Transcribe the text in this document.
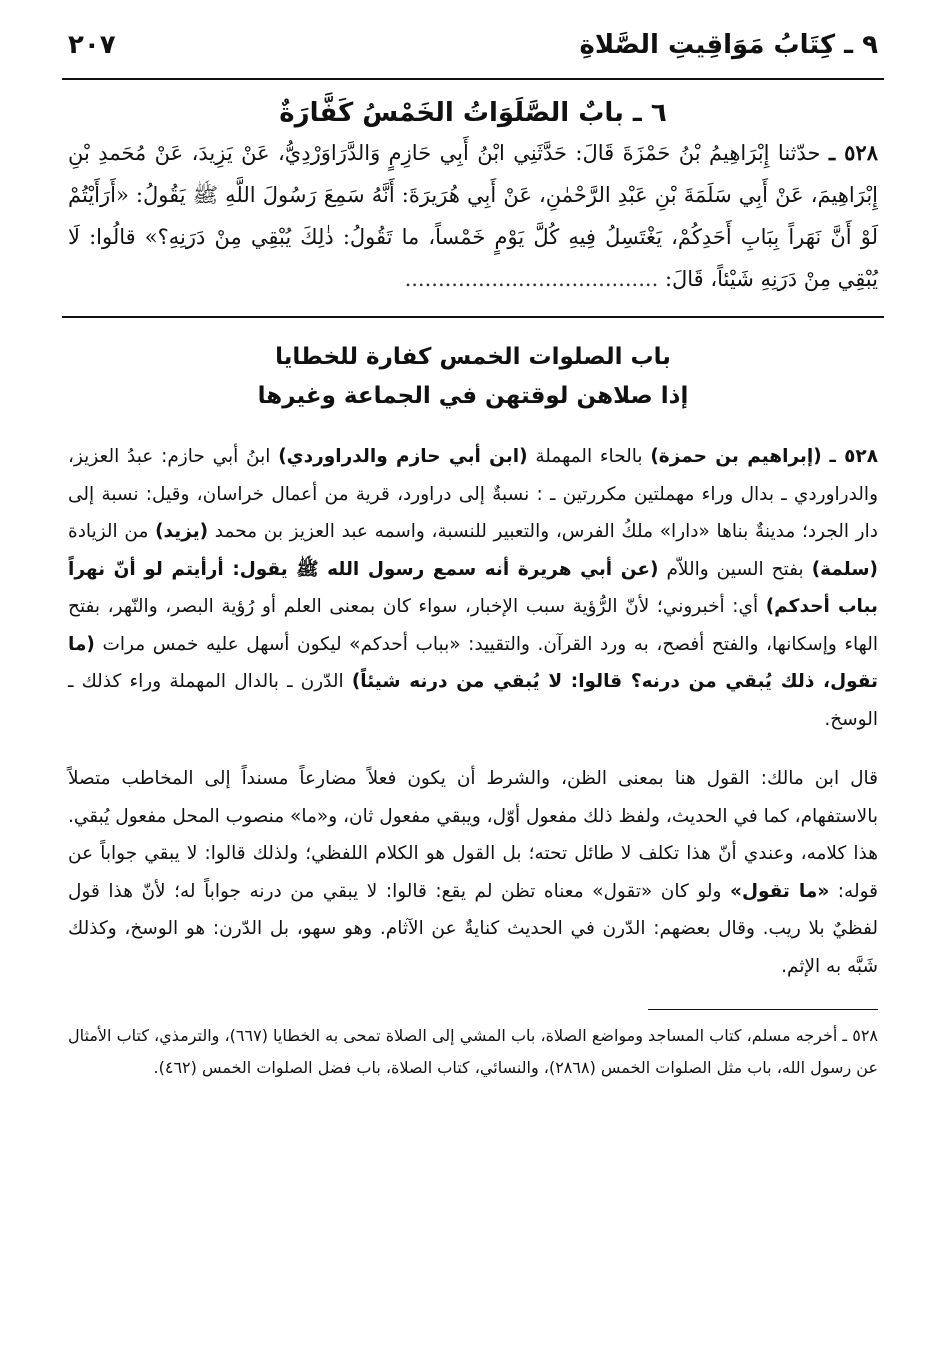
٩ ـ كِتَابُ مَوَاقِيتِ الصَّلاةِ
٢٠٧
٦ ـ بابٌ الصَّلَوَاتُ الخَمْسُ كَفَّارَةٌ
٥٢٨ ـ حدّثنا إِبْرَاهِيمُ بْنُ حَمْزَةَ قَالَ: حَدَّثَنِي ابْنُ أَبِي حَازِمٍ وَالدَّرَاوَرْدِيُّ، عَنْ يَزِيدَ، عَنْ مُحَمدِ بْنِ إِبْرَاهِيمَ، عَنْ أَبِي سَلَمَةَ بْنِ عَبْدِ الرَّحْمٰنِ، عَنْ أَبِي هُرَيرَةَ: أَنَّهُ سَمِعَ رَسُولَ اللَّهِ ﷺ يَقُولُ: «أَرَأَيْتُمْ لَوْ أَنَّ نَهَراً بِبَابِ أَحَدِكُمْ، يَغْتَسِلُ فِيهِ كُلَّ يَوْمٍ خَمْساً، ما تَقُولُ: ذٰلِكَ يُبْقِي مِنْ دَرَنِهِ؟» قالُوا: لَا يُبْقِي مِنْ دَرَنِهِ شَيْئاً، قَالَ: ......................................
باب الصلوات الخمس كفارة للخطايا
إذا صلاهن لوقتهن في الجماعة وغيرها
٥٢٨ ـ (إبراهيم بن حمزة) بالحاء المهملة (ابن أبي حازم والدراوردي) ابنُ أبي حازم: عبدُ العزيز، والدراوردي ـ بدال وراء مهملتين مكررتين ـ : نسبةٌ إلى دراورد، قرية من أعمال خراسان، وقيل: نسبة إلى دار الجرد؛ مدينةٌ بناها «دارا» ملكُ الفرس، والتعبير للنسبة، واسمه عبد العزيز بن محمد (يزيد) من الزيادة (سلمة) بفتح السين واللاّم (عن أبي هريرة أنه سمع رسول الله ﷺ يقول: أرأيتم لو أنّ نهراً بباب أحدكم) أي: أخبروني؛ لأنّ الرُّؤية سبب الإخبار، سواء كان بمعنى العلم أو رُؤية البصر، والنّهر، بفتح الهاء وإسكانها، والفتح أفصح، به ورد القرآن. والتقييد: «بباب أحدكم» ليكون أسهل عليه خمس مرات (ما تقول، ذلك يُبقي من درنه؟ قالوا: لا يُبقي من درنه شيئاً) الدّرن ـ بالدال المهملة وراء كذلك ـ الوسخ.
قال ابن مالك: القول هنا بمعنى الظن، والشرط أن يكون فعلاً مضارعاً مسنداً إلى المخاطب متصلاً بالاستفهام، كما في الحديث، ولفظ ذلك مفعول أوّل، ويبقي مفعول ثان، و«ما» منصوب المحل مفعول يُبقي. هذا كلامه، وعندي أنّ هذا تكلف لا طائل تحته؛ بل القول هو الكلام اللفظي؛ ولذلك قالوا: لا يبقي جواباً عن قوله: «ما تقول» ولو كان «تقول» معناه تظن لم يقع: قالوا: لا يبقي من درنه جواباً له؛ لأنّ هذا قول لفظيٌ بلا ريب. وقال بعضهم: الدّرن في الحديث كنايةٌ عن الآثام. وهو سهو، بل الدّرن: هو الوسخ، وكذلك شَبَّه به الإثم.
٥٢٨ ـ أخرجه مسلم، كتاب المساجد ومواضع الصلاة، باب المشي إلى الصلاة تمحى به الخطايا (٦٦٧)، والترمذي، كتاب الأمثال عن رسول الله، باب مثل الصلوات الخمس (٢٨٦٨)، والنسائي، كتاب الصلاة، باب فضل الصلوات الخمس (٤٦٢).
